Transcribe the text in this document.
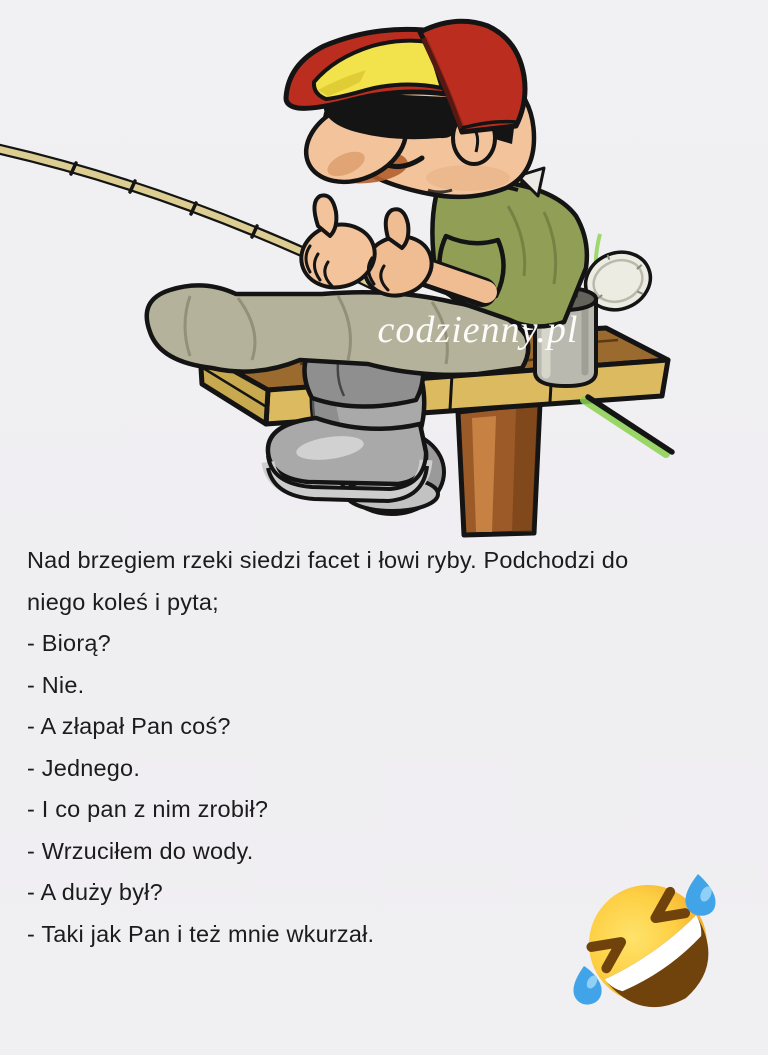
codzienny.pl
Nad brzegiem rzeki siedzi facet i łowi ryby. Podchodzi do
niego koleś i pyta;
- Biorą?
- Nie.
- A złapał Pan coś?
- Jednego.
- I co pan z nim zrobił?
- Wrzuciłem do wody.
- A duży był?
- Taki jak Pan i też mnie wkurzał.
